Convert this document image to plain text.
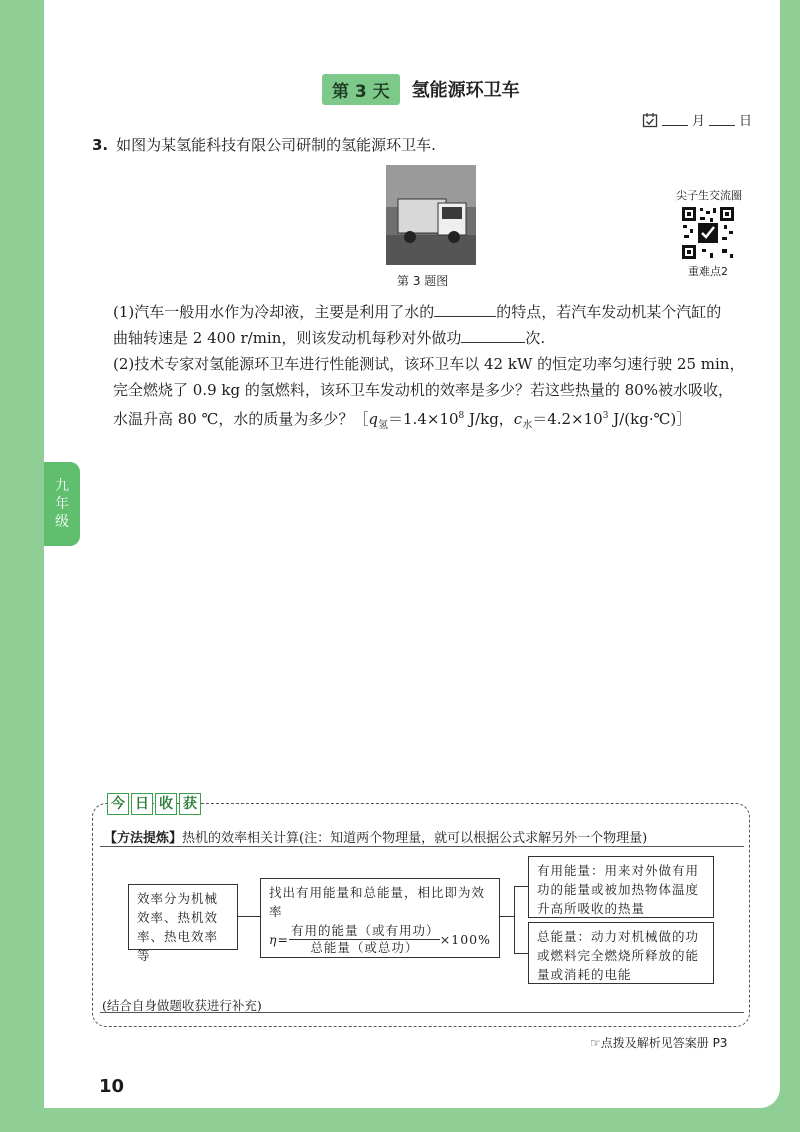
九
年
级
第 3 天	氢能源环卫车
月	日
3. 如图为某氢能科技有限公司研制的氢能源环卫车.
第 3 题图
尖子生交流圈
重难点2
(1)汽车一般用水作为冷却液，主要是利用了水的	的特点，若汽车发动机某个汽缸的
曲轴转速是 2 400 r/min，则该发动机每秒对外做功	次.
(2)技术专家对氢能源环卫车进行性能测试，该环卫车以 42 kW 的恒定功率匀速行驶 25 min，
完全燃烧了 0.9 kg 的氢燃料，该环卫车发动机的效率是多少？若这些热量的 80%被水吸收，
水温升高 80 ℃，水的质量为多少？$[q_氢=1.4\times 10^8$ J/kg，$c_水=4.2\times 10^3$ J/(kg·℃)］
今 日 收 获
【方法提炼】热机的效率相关计算(注：知道两个物理量，就可以根据公式求解另外一个物理量)
效率分为机械效率、热机效率、热电效率等
找出有用能量和总能量，相比即为效率
$\eta= \frac{\text{有用的能量（或有用功）}}{\text{总能量（或总功）}} \times 100\%$
有用能量：用来对外做有用功的能量或被加热物体温度升高所吸收的热量
总能量：动力对机械做的功或燃料完全燃烧所释放的能量或消耗的电能
(结合自身做题收获进行补充)
☞点拨及解析见答案册 P3
10
